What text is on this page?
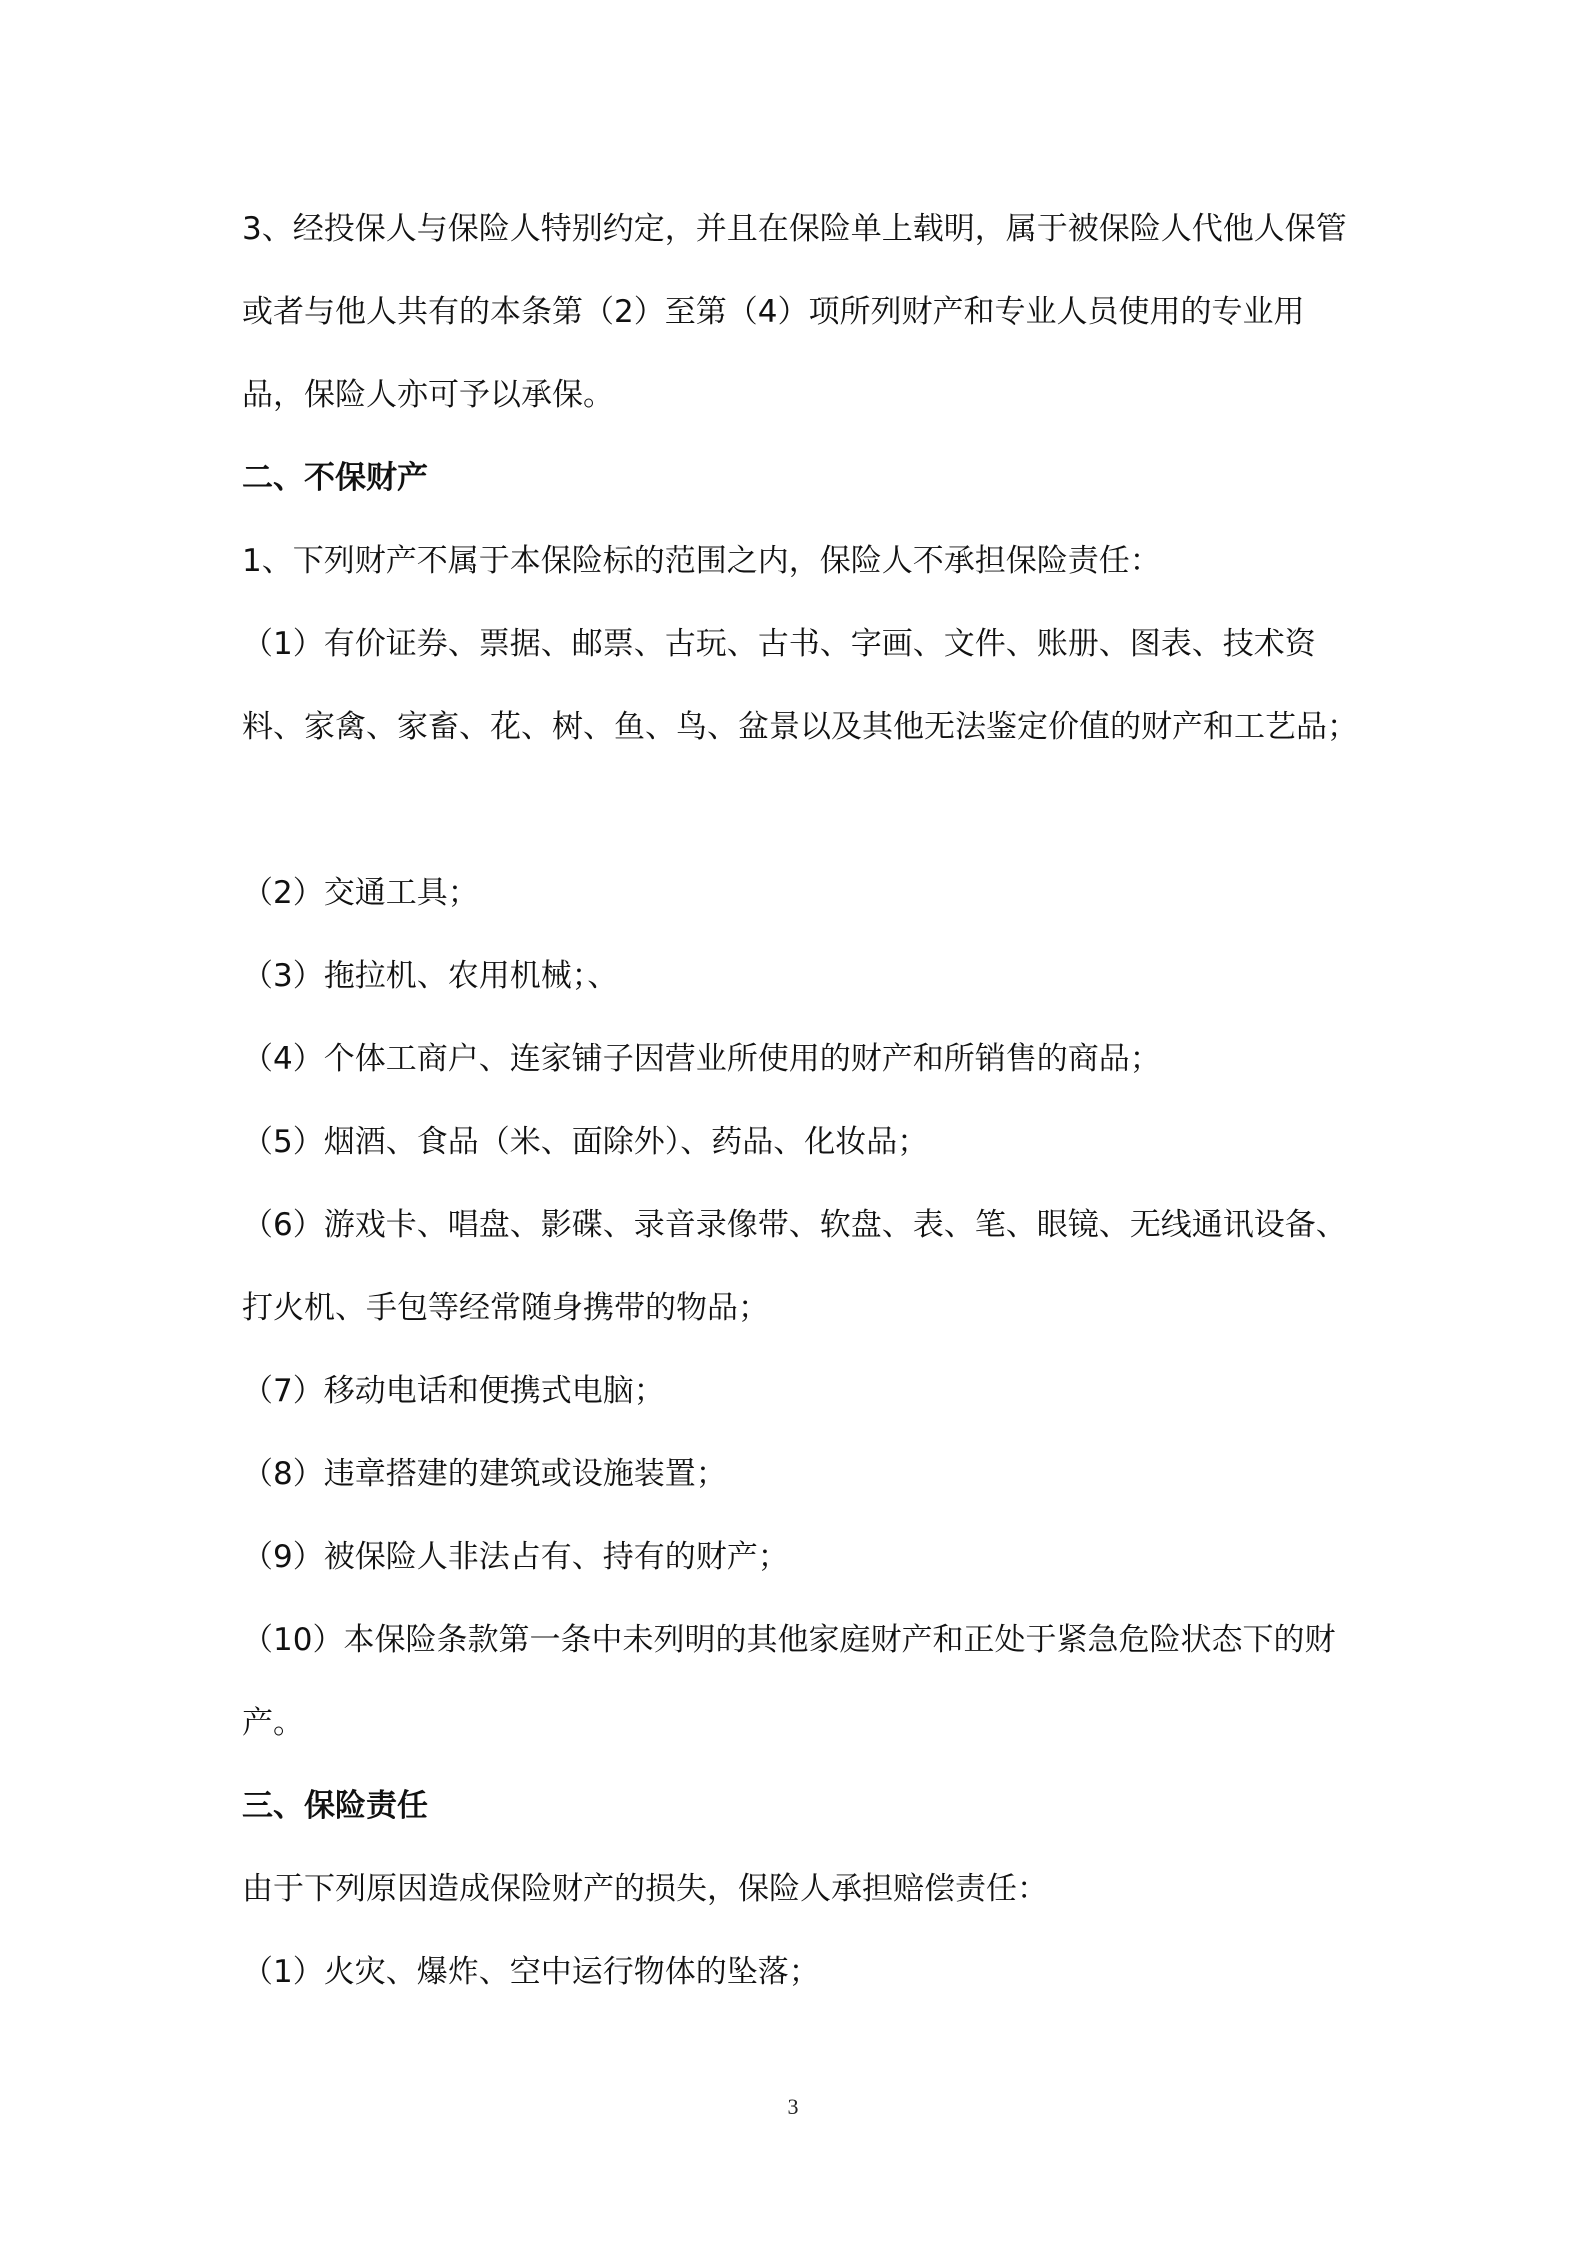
3、经投保人与保险人特别约定，并且在保险单上载明，属于被保险人代他人保管或者与他人共有的本条第（2）至第（4）项所列财产和专业人员使用的专业用品，保险人亦可予以承保。

二、不保财产

1、下列财产不属于本保险标的范围之内，保险人不承担保险责任：

（1）有价证券、票据、邮票、古玩、古书、字画、文件、账册、图表、技术资料、家禽、家畜、花、树、鱼、鸟、盆景以及其他无法鉴定价值的财产和工艺品；

（2）交通工具；

（3）拖拉机、农用机械；、

（4）个体工商户、连家铺子因营业所使用的财产和所销售的商品；

（5）烟酒、食品（米、面除外）、药品、化妆品；

（6）游戏卡、唱盘、影碟、录音录像带、软盘、表、笔、眼镜、无线通讯设备、打火机、手包等经常随身携带的物品；

（7）移动电话和便携式电脑；

（8）违章搭建的建筑或设施装置；

（9）被保险人非法占有、持有的财产；

（10）本保险条款第一条中未列明的其他家庭财产和正处于紧急危险状态下的财产。

三、保险责任

由于下列原因造成保险财产的损失，保险人承担赔偿责任：

（1）火灾、爆炸、空中运行物体的坠落；

3
